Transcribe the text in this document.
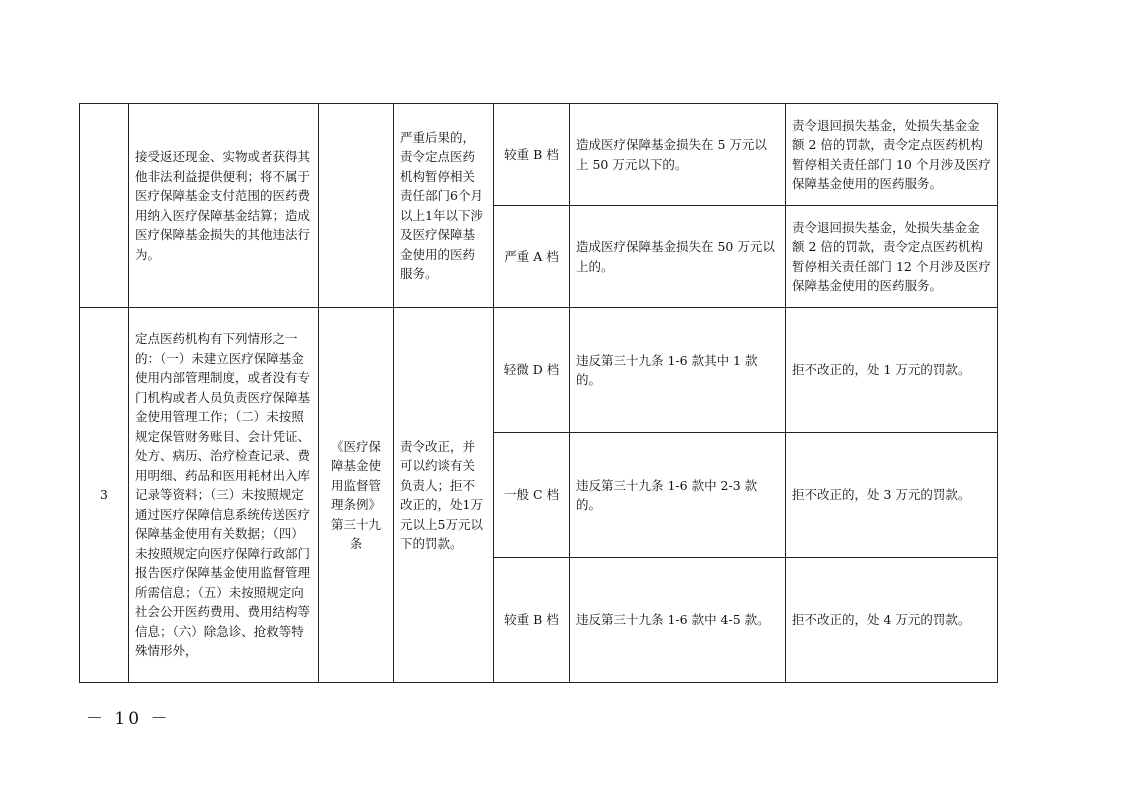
	接受返还现金、实物或者获得其他非法利益提供便利；将不属于医疗保障基金支付范围的医药费用纳入医疗保障基金结算；造成医疗保障基金损失的其他违法行为。		严重后果的，责令定点医药机构暂停相关责任部门6个月以上1年以下涉及医疗保障基金使用的医药服务。	较重 B 档	造成医疗保障基金损失在 5 万元以上 50 万元以下的。	责令退回损失基金，处损失基金金额 2 倍的罚款，责令定点医药机构暂停相关责任部门 10 个月涉及医疗保障基金使用的医药服务。
				严重 A 档	造成医疗保障基金损失在 50 万元以上的。	责令退回损失基金，处损失基金金额 2 倍的罚款，责令定点医药机构暂停相关责任部门 12 个月涉及医疗保障基金使用的医药服务。
3	定点医药机构有下列情形之一的：（一）未建立医疗保障基金使用内部管理制度，或者没有专门机构或者人员负责医疗保障基金使用管理工作；（二）未按照规定保管财务账目、会计凭证、处方、病历、治疗检查记录、费用明细、药品和医用耗材出入库记录等资料；（三）未按照规定通过医疗保障信息系统传送医疗保障基金使用有关数据；（四）未按照规定向医疗保障行政部门报告医疗保障基金使用监督管理所需信息；（五）未按照规定向社会公开医药费用、费用结构等信息；（六）除急诊、抢救等特殊情形外，	《医疗保障基金使用监督管理条例》第三十九条	责令改正，并可以约谈有关负责人；拒不改正的，处1万元以上5万元以下的罚款。	轻微 D 档	违反第三十九条 1-6 款其中 1 款的。	拒不改正的，处 1 万元的罚款。
				一般 C 档	违反第三十九条 1-6 款中 2-3 款的。	拒不改正的，处 3 万元的罚款。
				较重 B 档	违反第三十九条 1-6 款中 4-5 款。	拒不改正的，处 4 万元的罚款。
－ 10 －
